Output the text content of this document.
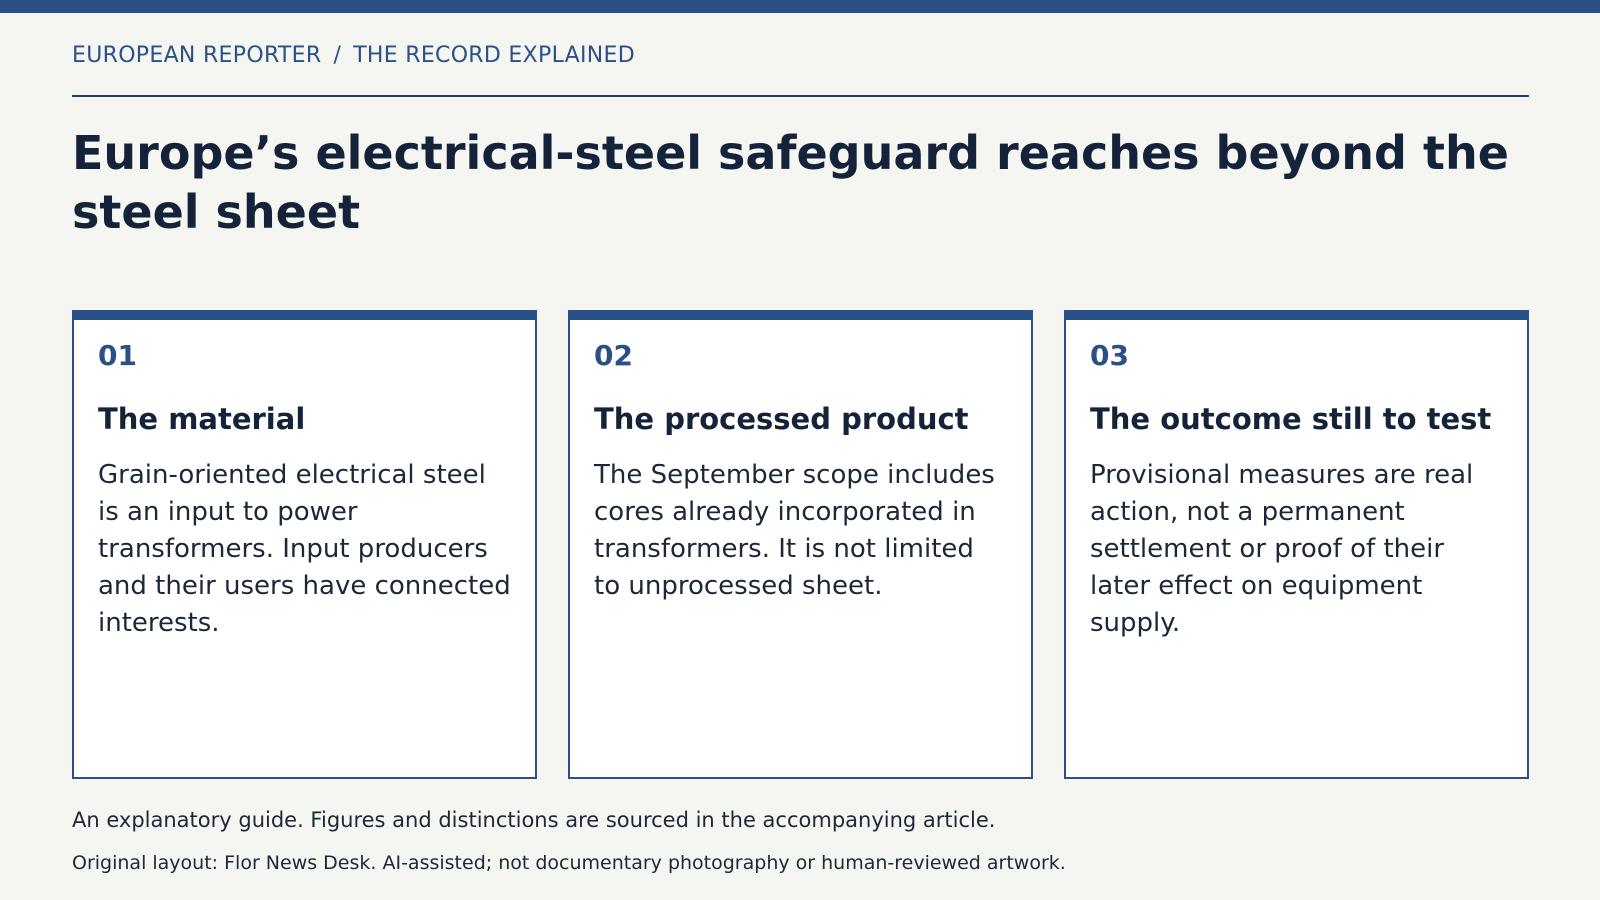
EUROPEAN REPORTER / THE RECORD EXPLAINED
Europe’s electrical-steel safeguard reaches beyond the steel sheet
01
The material
Grain-oriented electrical steel is an input to power transformers. Input producers and their users have connected interests.
02
The processed product
The September scope includes cores already incorporated in transformers. It is not limited to unprocessed sheet.
03
The outcome still to test
Provisional measures are real action, not a permanent settlement or proof of their later effect on equipment supply.

An explanatory guide. Figures and distinctions are sourced in the accompanying article.

Original layout: Flor News Desk. AI-assisted; not documentary photography or human-reviewed artwork.
